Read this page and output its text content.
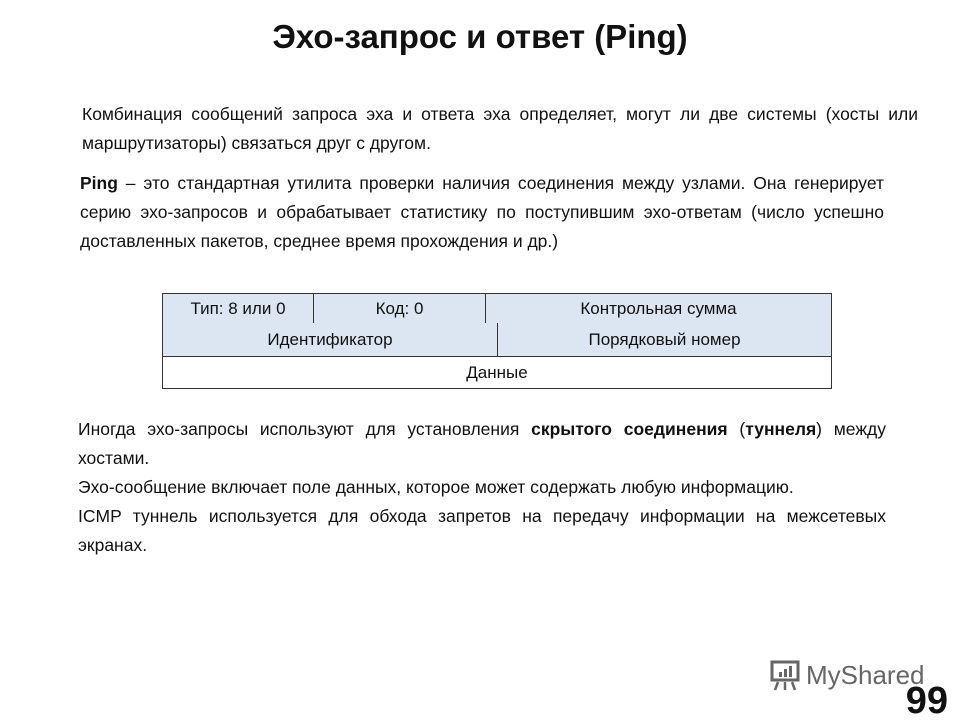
Эхо-запрос и ответ (Ping)
Комбинация сообщений запроса эха и ответа эха определяет, могут ли две системы (хосты или маршрутизаторы) связаться друг с другом.
Ping – это стандартная утилита проверки наличия соединения между узлами. Она генерирует серию эхо-запросов и обрабатывает статистику по поступившим эхо-ответам (число успешно доставленных пакетов, среднее время прохождения и др.)
Тип: 8 или 0	Код: 0	Контрольная сумма
Идентификатор	Порядковый номер
Данные
Иногда эхо-запросы используют для установления скрытого соединения (туннеля) между хостами.
Эхо-сообщение включает поле данных, которое может содержать любую информацию.
ICMP туннель используется для обхода запретов на передачу информации на межсетевых экранах.
MyShared
99
